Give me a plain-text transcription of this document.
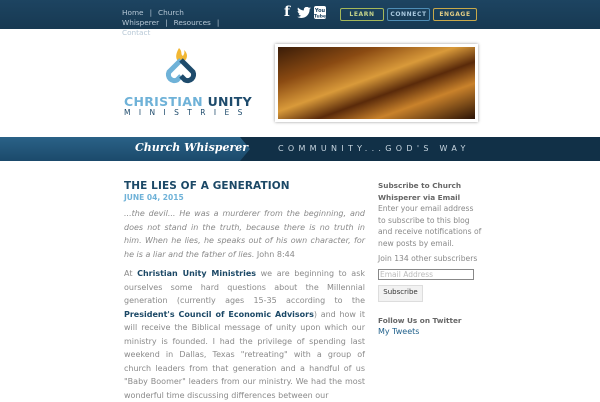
Home | Church Whisperer | Resources |
Contact
f	You
Tube	LEARN	CONNECT	ENGAGE
CHRISTIAN UNITY
MINISTRIES
Church Whisperer	COMMUNITY...GOD'S WAY
THE LIES OF A GENERATION
JUNE 04, 2015
...the devil... He was a murderer from the beginning, and does not stand in the truth, because there is no truth in him. When he lies, he speaks out of his own character, for he is a liar and the father of lies. John 8:44
At Christian Unity Ministries we are beginning to ask ourselves some hard questions about the Millennial generation (currently ages 15-35 according to the President's Council of Economic Advisors) and how it will receive the Biblical message of unity upon which our ministry is founded. I had the privilege of spending last weekend in Dallas, Texas "retreating" with a group of church leaders from that generation and a handful of us "Baby Boomer" leaders from our ministry. We had the most wonderful time discussing differences between our
Subscribe to Church Whisperer via Email

Enter your email address to subscribe to this blog and receive notifications of new posts by email.

Join 134 other subscribers

Email Address
Subscribe
Follow Us on Twitter

My Tweets
